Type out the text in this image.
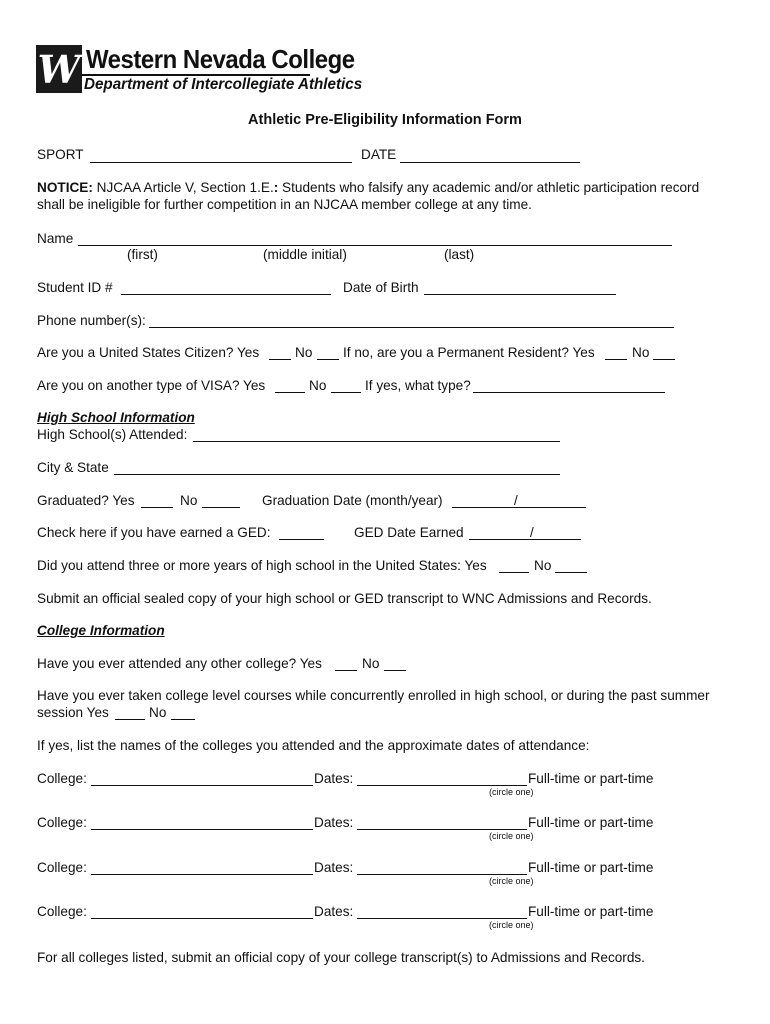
W Western Nevada College
Department of Intercollegiate Athletics
Athletic Pre-Eligibility Information Form
SPORT	DATE
NOTICE: NJCAA Article V, Section 1.E.: Students who falsify any academic and/or athletic participation record
shall be ineligible for further competition in an NJCAA member college at any time.
Name
(first)	(middle initial)	(last)
Student ID #	Date of Birth
Phone number(s):
Are you a United States Citizen? Yes	No If no, are you a Permanent Resident? Yes	No
Are you on another type of VISA? Yes	No	If yes, what type?
High School Information
High School(s) Attended:
City & State
Graduated? Yes	No	Graduation Date (month/year)	/
Check here if you have earned a GED:	GED Date Earned	/
Did you attend three or more years of high school in the United States: Yes	No
Submit an official sealed copy of your high school or GED transcript to WNC Admissions and Records.
College Information
Have you ever attended any other college? Yes	No
Have you ever taken college level courses while concurrently enrolled in high school, or during the past summer
session Yes	No
If yes, list the names of the colleges you attended and the approximate dates of attendance:
College:	Dates:	Full-time or part-time
(circle one)
College:	Dates:	Full-time or part-time
(circle one)
College:	Dates:	Full-time or part-time
(circle one)
College:	Dates:	Full-time or part-time
(circle one)
For all colleges listed, submit an official copy of your college transcript(s) to Admissions and Records.
